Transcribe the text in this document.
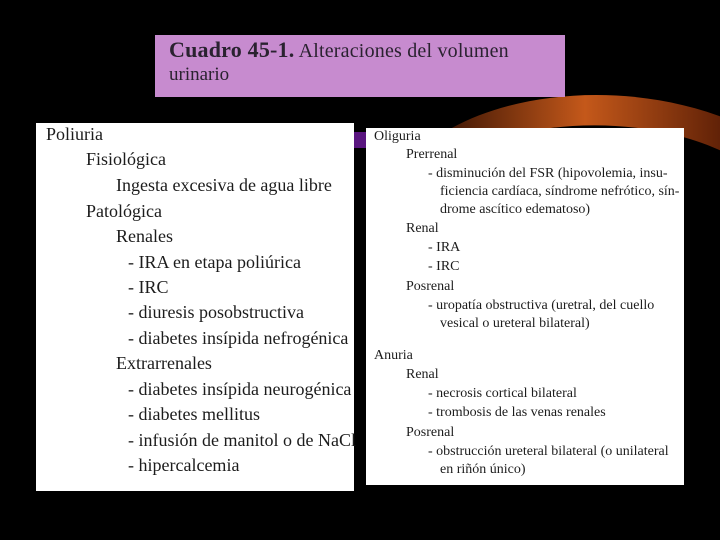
Cuadro 45-1. Alteraciones del volumen
urinario
Poliuria
Fisiológica
Ingesta excesiva de agua libre
Patológica
Renales
- IRA en etapa poliúrica
- IRC
- diuresis posobstructiva
- diabetes insípida nefrogénica
Extrarrenales
- diabetes insípida neurogénica
- diabetes mellitus
- infusión de manitol o de NaCl
- hipercalcemia
Oliguria
Prerrenal
- disminución del FSR (hipovolemia, insu-
ficiencia cardíaca, síndrome nefrótico, sín-
drome ascítico edematoso)
Renal
- IRA
- IRC
Posrenal
- uropatía obstructiva (uretral, del cuello
vesical o ureteral bilateral)
Anuria
Renal
- necrosis cortical bilateral
- trombosis de las venas renales
Posrenal
- obstrucción ureteral bilateral (o unilateral
en riñón único)
